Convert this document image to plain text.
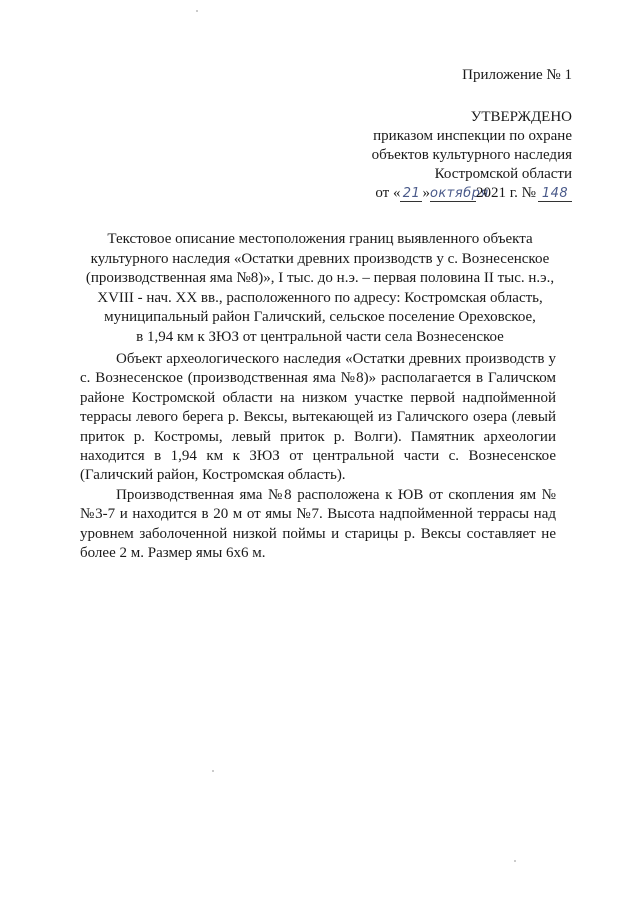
Приложение № 1
УТВЕРЖДЕНО
приказом инспекции по охране
объектов культурного наследия
Костромской области
от « 21 »октября2021 г. № 148
Текстовое описание местоположения границ выявленного объекта
культурного наследия «Остатки древних производств у с. Вознесенское
(производственная яма №8)», I тыс. до н.э. – первая половина II тыс. н.э.,
XVIII - нач. XX вв., расположенного по адресу: Костромская область,
муниципальный район Галичский, сельское поселение Ореховское,
в 1,94 км к ЗЮЗ от центральной части села Вознесенское

Объект археологического наследия «Остатки древних производств у с. Вознесенское (производственная яма №8)» располагается в Галичском районе Костромской области на низком участке первой надпойменной террасы левого берега р. Вексы, вытекающей из Галичского озера (левый приток р. Костромы, левый приток р. Волги). Памятник археологии находится в 1,94 км к ЗЮЗ от центральной части с. Вознесенское (Галичский район, Костромская область).

Производственная яма №8 расположена к ЮВ от скопления ям №№3-7 и находится в 20 м от ямы №7. Высота надпойменной террасы над уровнем заболоченной низкой поймы и старицы р. Вексы составляет не более 2 м. Размер ямы 6х6 м.
